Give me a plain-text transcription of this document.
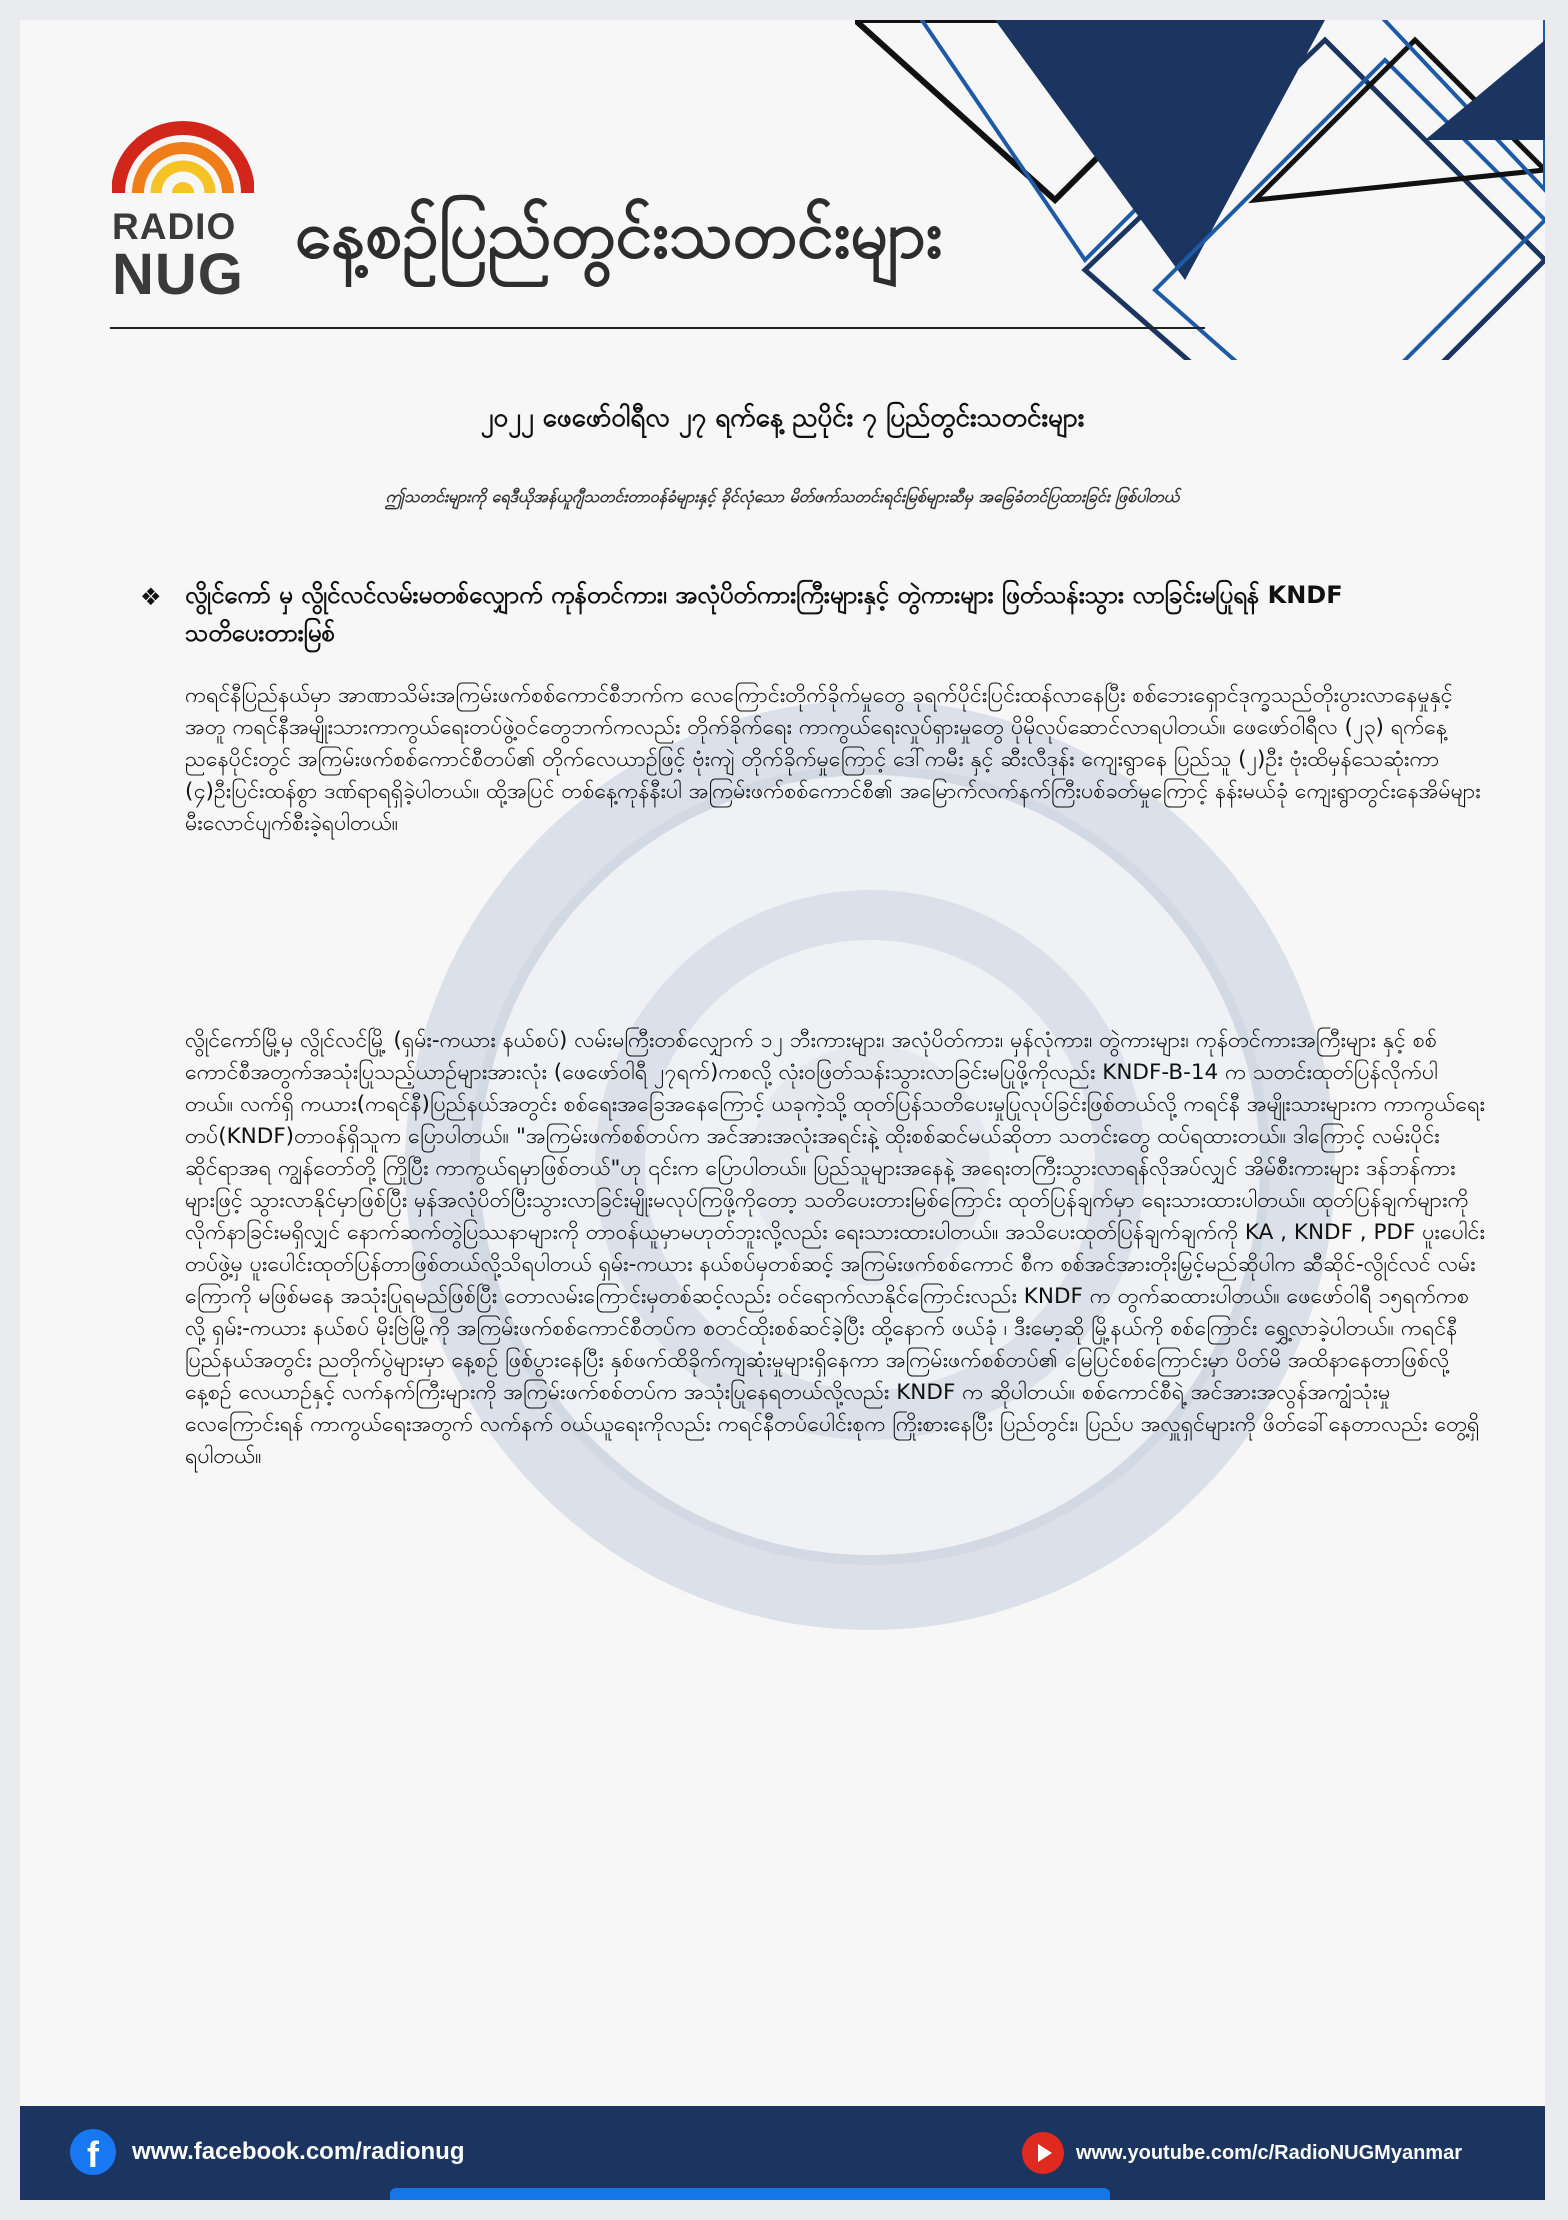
RADIO
NUG
နေ့စဉ်ပြည်တွင်းသတင်းများ
၂၀၂၂ ဖေဖော်ဝါရီလ ၂၇ ရက်နေ့ ညပိုင်း ၇ ပြည်တွင်းသတင်းများ
ဤသတင်းများကို ရေဒီယိုအန်ယူဂျီသတင်းတာဝန်ခံများနှင့် ခိုင်လုံသော မိတ်ဖက်သတင်းရင်းမြစ်များဆီမှ အခြေခံတင်ပြထားခြင်း ဖြစ်ပါတယ်
❖ လွိုင်ကော် မှ လွိုင်လင်လမ်းမတစ်လျှောက် ကုန်တင်ကား၊ အလုံပိတ်ကားကြီးများနှင့် တွဲကားများ ဖြတ်သန်းသွား လာခြင်းမပြုရန် KNDF သတိပေးတားမြစ်
ကရင်နီပြည်နယ်မှာ အာဏာသိမ်းအကြမ်းဖက်စစ်ကောင်စီဘက်က လေကြောင်းတိုက်ခိုက်မှုတွေ ခုရက်ပိုင်းပြင်းထန်လာနေပြီး စစ်ဘေးရှောင်ဒုက္ခသည်တိုးပွားလာနေမှုနှင့်အတူ ကရင်နီအမျိုးသားကာကွယ်ရေးတပ်ဖွဲ့ဝင်တွေဘက်ကလည်း တိုက်ခိုက်ရေး ကာကွယ်ရေးလှုပ်ရှားမှုတွေ ပိုမိုလုပ်ဆောင်လာရပါတယ်။ ဖေဖော်ဝါရီလ (၂၃) ရက်နေ့ညနေပိုင်းတွင် အကြမ်းဖက်စစ်ကောင်စီတပ်၏ တိုက်လေယာဉ်ဖြင့် ဗုံးကျဲ တိုက်ခိုက်မှုကြောင့် ဒေါ်ကမီး နှင့် ဆီးလီဒုန်း ကျေးရွာနေ ပြည်သူ (၂)ဦး ဗုံးထိမှန်သေဆုံးကာ (၄)ဦးပြင်းထန်စွာ ဒဏ်ရာရရှိခဲ့ပါတယ်။ ထို့အပြင် တစ်နေ့ကုန်နီးပါ အကြမ်းဖက်စစ်ကောင်စီ၏ အမြောက်လက်နက်ကြီးပစ်ခတ်မှုကြောင့် နန်းမယ်ခုံ ကျေးရွာတွင်းနေအိမ်များမီးလောင်ပျက်စီးခဲ့ရပါတယ်။
လွိုင်ကော်မြို့မှ လွိုင်လင်မြို့ (ရှမ်း-ကယား နယ်စပ်) လမ်းမကြီးတစ်လျှောက် ၁၂ ဘီးကားများ၊ အလုံပိတ်ကား၊ မှန်လုံကား၊ တွဲကားများ၊ ကုန်တင်ကားအကြီးများ နှင့် စစ်ကောင်စီအတွက်အသုံးပြုသည့်ယာဉ်များအားလုံး (ဖေဖော်ဝါရီ ၂၇ရက်)ကစလို့ လုံးဝဖြတ်သန်းသွားလာခြင်းမပြုဖို့ကိုလည်း KNDF-B-14 က သတင်းထုတ်ပြန်လိုက်ပါတယ်။ လက်ရှိ ကယား(ကရင်နီ)ပြည်နယ်အတွင်း စစ်ရေးအခြေအနေကြောင့် ယခုကဲ့သို့ ထုတ်ပြန်သတိပေးမှုပြုလုပ်ခြင်းဖြစ်တယ်လို့ ကရင်နီ အမျိုးသားများက ကာကွယ်ရေးတပ်(KNDF)တာဝန်ရှိသူက ပြောပါတယ်။ "အကြမ်းဖက်စစ်တပ်က အင်အားအလုံးအရင်းနဲ့ ထိုးစစ်ဆင်မယ်ဆိုတာ သတင်းတွေ ထပ်ရထားတယ်။ ဒါကြောင့် လမ်းပိုင်းဆိုင်ရာအရ ကျွန်တော်တို့ ကြိုပြီး ကာကွယ်ရမှာဖြစ်တယ်"ဟု ၎င်းက ပြောပါတယ်။ ပြည်သူများအနေနဲ့ အရေးတကြီးသွားလာရန်လိုအပ်လျှင် အိမ်စီးကားများ ဒန်ဘန်ကားများဖြင့် သွားလာနိုင်မှာဖြစ်ပြီး မှန်အလုံပိတ်ပြီးသွားလာခြင်းမျိုးမလုပ်ကြဖို့ကိုတော့ သတိပေးတားမြစ်ကြောင်း ထုတ်ပြန်ချက်မှာ ရေးသားထားပါတယ်။ ထုတ်ပြန်ချက်များကိုလိုက်နာခြင်းမရှိလျှင် နောက်ဆက်တွဲပြဿနာများကို တာဝန်ယူမှာမဟုတ်ဘူးလို့လည်း ရေးသားထားပါတယ်။ အသိပေးထုတ်ပြန်ချက်ချက်ကို KA , KNDF , PDF ပူးပေါင်းတပ်ဖွဲ့မှ ပူးပေါင်းထုတ်ပြန်တာဖြစ်တယ်လို့သိရပါတယ် ရှမ်း-ကယား နယ်စပ်မှတစ်ဆင့် အကြမ်းဖက်စစ်ကောင် စီက စစ်အင်အားတိုးမြှင့်မည်ဆိုပါက ဆီဆိုင်-လွိုင်လင် လမ်းကြောကို မဖြစ်မနေ အသုံးပြုရမည်ဖြစ်ပြီး တောလမ်းကြောင်းမှတစ်ဆင့်လည်း ဝင်ရောက်လာနိုင်ကြောင်းလည်း KNDF က တွက်ဆထားပါတယ်။ ဖေဖော်ဝါရီ ၁၅ရက်ကစလို့ ရှမ်း-ကယား နယ်စပ် မိုးဗြဲမြို့ကို အကြမ်းဖက်စစ်ကောင်စီတပ်က စတင်ထိုးစစ်ဆင်ခဲ့ပြီး ထို့နောက် ဖယ်ခုံ ၊ ဒီးမော့ဆို မြို့နယ်ကို စစ်ကြောင်း ရွှေ့လာခဲ့ပါတယ်။ ကရင်နီပြည်နယ်အတွင်း ညတိုက်ပွဲများမှာ နေ့စဉ် ဖြစ်ပွားနေပြီး နှစ်ဖက်ထိခိုက်ကျဆုံးမှုများရှိနေကာ အကြမ်းဖက်စစ်တပ်၏ မြေပြင်စစ်ကြောင်းမှာ ပိတ်မိ အထိနာနေတာဖြစ်လို့ နေ့စဉ် လေယာဉ်နှင့် လက်နက်ကြီးများကို အကြမ်းဖက်စစ်တပ်က အသုံးပြုနေရတယ်လို့လည်း KNDF က ဆိုပါတယ်။ စစ်ကောင်စီရဲ့ အင်အားအလွန်အကျွံသုံးမှု လေကြောင်းရန် ကာကွယ်ရေးအတွက် လက်နက် ဝယ်ယူရေးကိုလည်း ကရင်နီတပ်ပေါင်းစုက ကြိုးစားနေပြီး ပြည်တွင်း၊ ပြည်ပ အလှူရှင်များကို ဖိတ်ခေါ်နေတာလည်း တွေ့ရှိရပါတယ်။
f	www.facebook.com/radionug	www.youtube.com/c/RadioNUGMyanmar
